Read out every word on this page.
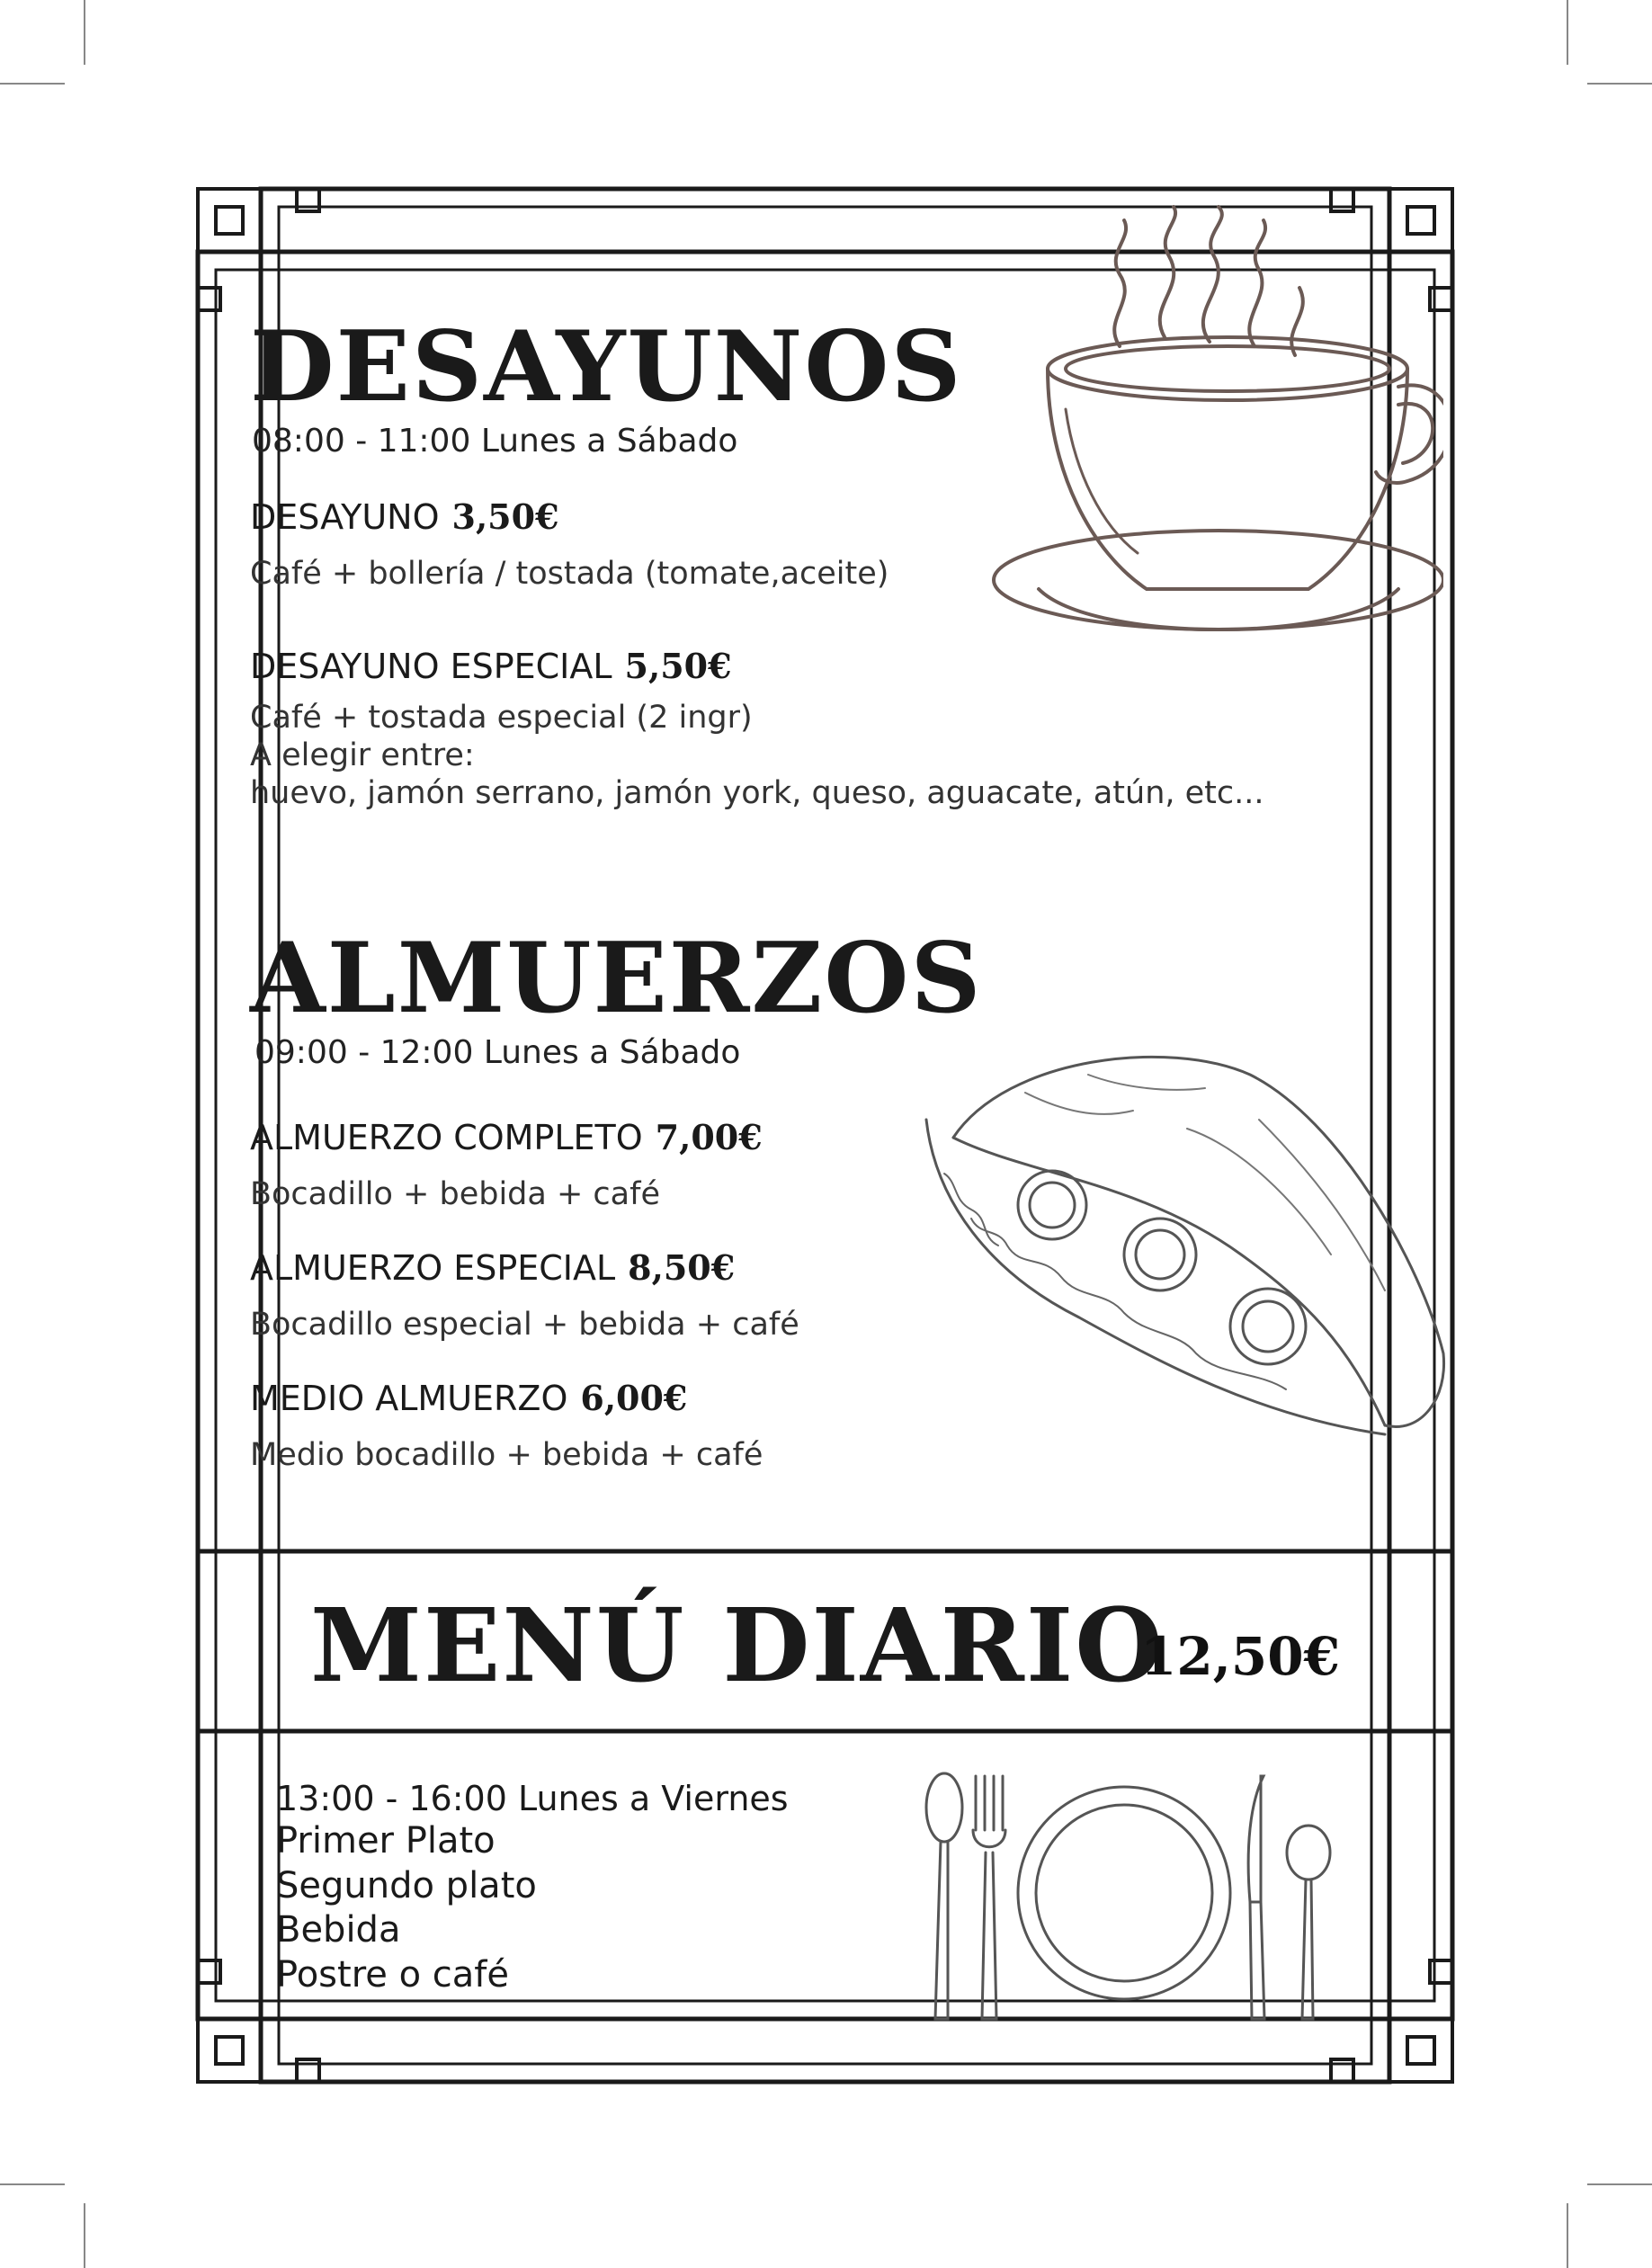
DESAYUNOS
08:00 - 11:00 Lunes a Sábado
DESAYUNO 3,50€
Café + bollería / tostada (tomate,aceite)
DESAYUNO ESPECIAL 5,50€
Café + tostada especial (2 ingr)
A elegir entre:
huevo, jamón serrano, jamón york, queso, aguacate, atún, etc...
ALMUERZOS
09:00 - 12:00 Lunes a Sábado
ALMUERZO COMPLETO 7,00€
Bocadillo + bebida + café
ALMUERZO ESPECIAL 8,50€
Bocadillo especial + bebida + café
MEDIO ALMUERZO 6,00€
Medio bocadillo + bebida + café
MENÚ DIARIO
12,50€
13:00 - 16:00 Lunes a Viernes
Primer Plato
Segundo plato
Bebida
Postre o café
